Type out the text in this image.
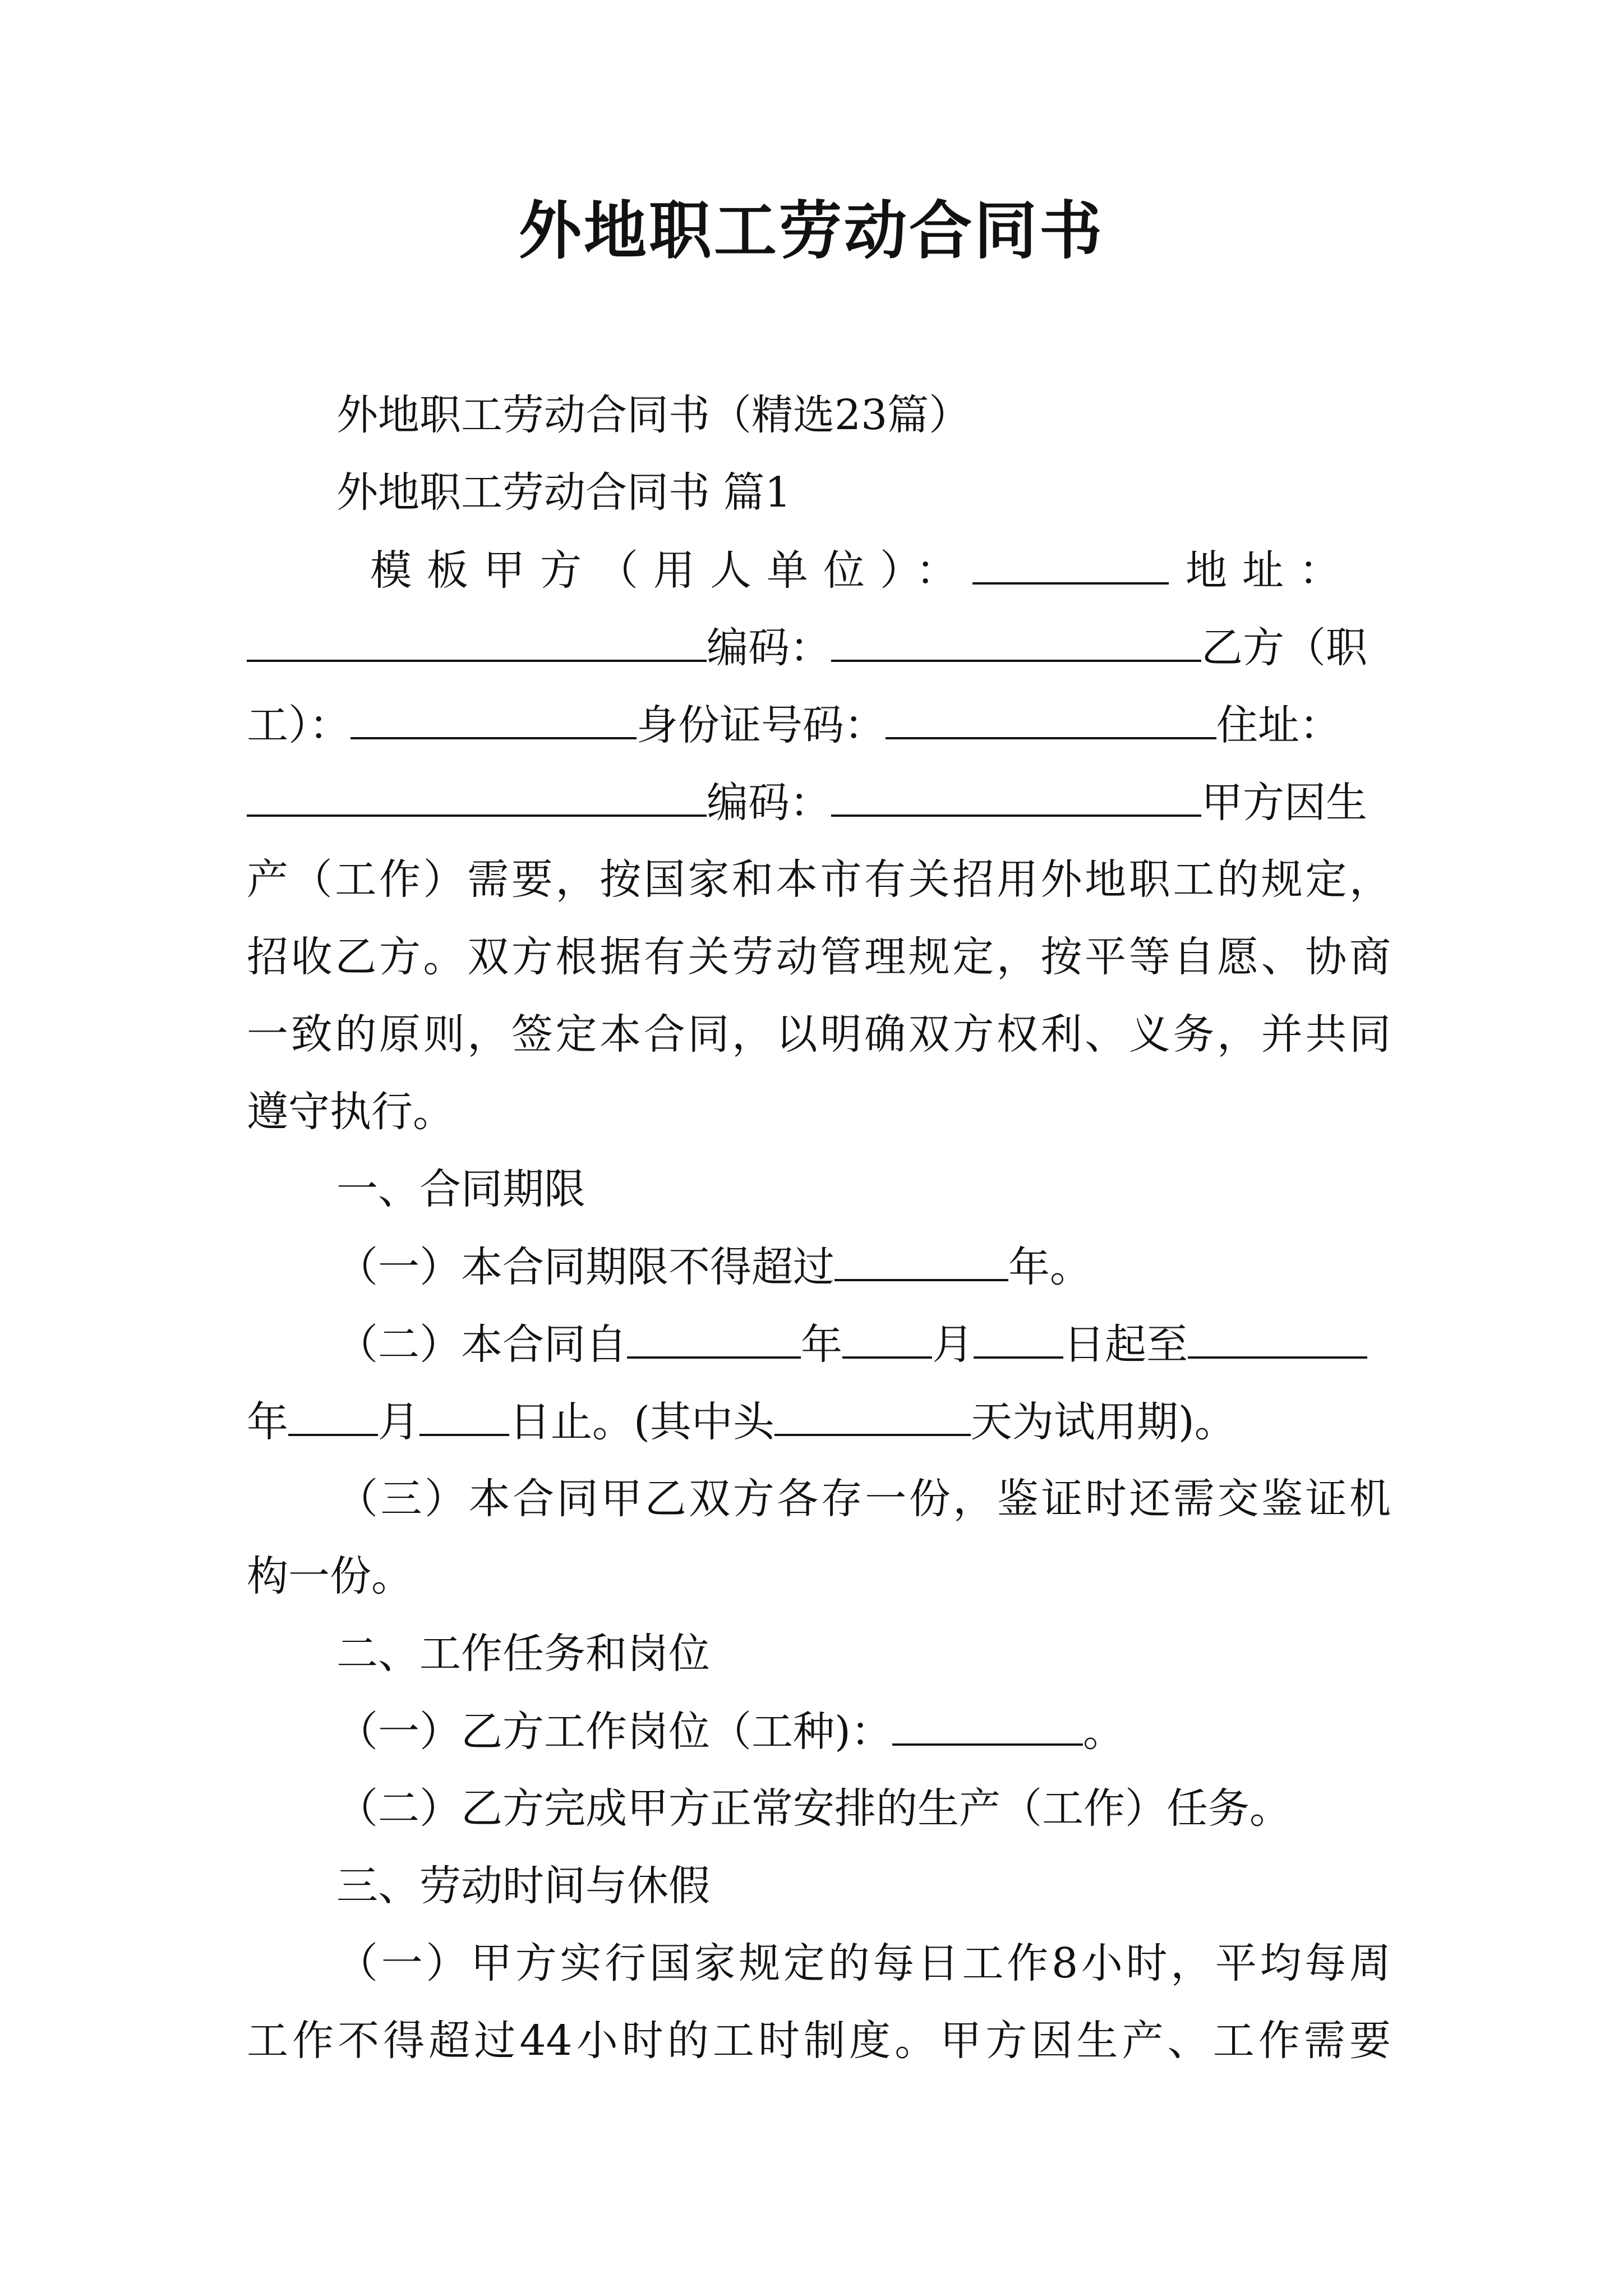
外地职工劳动合同书
外地职工劳动合同书（精选23篇）
外地职工劳动合同书 篇1
模板甲方（用人单位）：	地址：
编码：	乙方（职
工）：	身份证号码：	住址：
编码：	甲方因生
产（工作）需要，按国家和本市有关招用外地职工的规定，
招收乙方。双方根据有关劳动管理规定，按平等自愿、协商
一致的原则，签定本合同，以明确双方权利、义务，并共同
遵守执行。
一、合同期限
（一）本合同期限不得超过	年。
（二）本合同自	年 月 日起至
年 月 日止。(其中头	天为试用期)。
（三）本合同甲乙双方各存一份，鉴证时还需交鉴证机
构一份。
二、工作任务和岗位
（一）乙方工作岗位（工种)：	。
（二）乙方完成甲方正常安排的生产（工作）任务。
三、劳动时间与休假
（一）甲方实行国家规定的每日工作8小时，平均每周
工作不得超过44小时的工时制度。甲方因生产、工作需要
